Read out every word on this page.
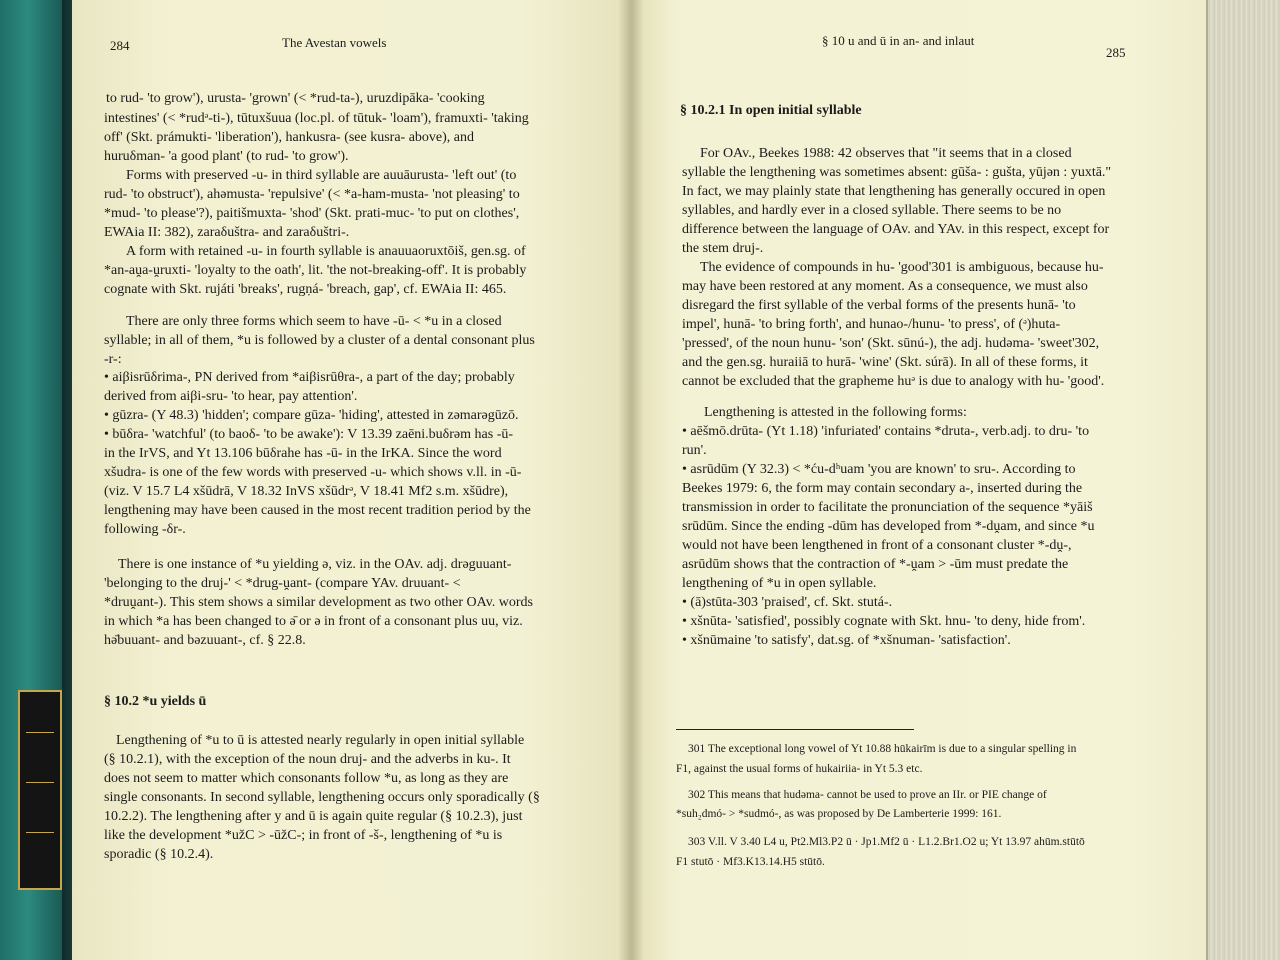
284	The Avestan vowels
to rud- 'to grow'), urusta- 'grown' (< *rud-ta-), uruzdipāka- 'cooking
intestines' (< *rudᵊ-ti-), tūtuxšuua (loc.pl. of tūtuk- 'loam'), framuxti- 'taking
off' (Skt. prámukti- 'liberation'), hankusra- (see kusra- above), and
huruδman- 'a good plant' (to rud- 'to grow').
Forms with preserved -u- in third syllable are auuāurusta- 'left out' (to
rud- 'to obstruct'), ahəmusta- 'repulsive' (< *a-ham-musta- 'not pleasing' to
*mud- 'to please'?), paitišmuxta- 'shod' (Skt. prati-muc- 'to put on clothes',
EWAia II: 382), zaraδuštra- and zaraδuštri-.
A form with retained -u- in fourth syllable is anauuaoruxtōiš, gen.sg. of
*an-aṷa-ṷruxti- 'loyalty to the oath', lit. 'the not-breaking-off'. It is probably
cognate with Skt. rujáti 'breaks', rugṇá- 'breach, gap', cf. EWAia II: 465.
There are only three forms which seem to have -ū- < *u in a closed
syllable; in all of them, *u is followed by a cluster of a dental consonant plus
-r-:
• aiβisrūδrima-, PN derived from *aiβisrūθra-, a part of the day; probably
derived from aiβi-sru- 'to hear, pay attention'.
• gūzra- (Y 48.3) 'hidden'; compare gūza- 'hiding', attested in zəmarəgūzō.
• būδra- 'watchful' (to baoδ- 'to be awake'): V 13.39 zaēni.buδrəm has -ū-
in the IrVS, and Yt 13.106 būδrahe has -ū- in the IrKA. Since the word
xšudra- is one of the few words with preserved -u- which shows v.ll. in -ū-
(viz. V 15.7 L4 xšūdrā, V 18.32 InVS xšūdrᵊ, V 18.41 Mf2 s.m. xšūdre),
lengthening may have been caused in the most recent tradition period by the
following -δr-.
There is one instance of *u yielding ə, viz. in the OAv. adj. drəguuant-
'belonging to the druj-' < *drug-ṷant- (compare YAv. druuant- <
*druṷant-). This stem shows a similar development as two other OAv. words
in which *a has been changed to ə̄ or ə in front of a consonant plus uu, viz.
hə̄buuant- and bəzuuant-, cf. § 22.8.
§ 10.2 *u yields ū
Lengthening of *u to ū is attested nearly regularly in open initial syllable
(§ 10.2.1), with the exception of the noun druj- and the adverbs in ku-. It
does not seem to matter which consonants follow *u, as long as they are
single consonants. In second syllable, lengthening occurs only sporadically (§
10.2.2). The lengthening after y and ū is again quite regular (§ 10.2.3), just
like the development *užC > -ūžC-; in front of -š-, lengthening of *u is
sporadic (§ 10.2.4).
§ 10 u and ū in an- and inlaut
285
§ 10.2.1 In open initial syllable
For OAv., Beekes 1988: 42 observes that "it seems that in a closed
syllable the lengthening was sometimes absent: gūšа- : gušta, yūjən : yuxtā."
In fact, we may plainly state that lengthening has generally occured in open
syllables, and hardly ever in a closed syllable. There seems to be no
difference between the language of OAv. and YAv. in this respect, except for
the stem druj-.
The evidence of compounds in hu- 'good'301 is ambiguous, because hu-
may have been restored at any moment. As a consequence, we must also
disregard the first syllable of the verbal forms of the presents hunā- 'to
impel', hunā- 'to bring forth', and hunao-/hunu- 'to press', of (ᵊ)huta-
'pressed', of the noun hunu- 'son' (Skt. sūnú-), the adj. hudəma- 'sweet'302,
and the gen.sg. huraiiā to hurā- 'wine' (Skt. súrā). In all of these forms, it
cannot be excluded that the grapheme huᵊ is due to analogy with hu- 'good'.
Lengthening is attested in the following forms:
• aēšmō.drūta- (Yt 1.18) 'infuriated' contains *druta-, verb.adj. to dru- 'to
run'.
• asrūdūm (Y 32.3) < *ću-dʰuam 'you are known' to sru-. According to
Beekes 1979: 6, the form may contain secondary a-, inserted during the
transmission in order to facilitate the pronunciation of the sequence *yāiš
srūdūm. Since the ending -dūm has developed from *-dṷam, and since *u
would not have been lengthened in front of a consonant cluster *-dṷ-,
asrūdūm shows that the contraction of *-ṷam > -ūm must predate the
lengthening of *u in open syllable.
• (ā)stūta-303 'praised', cf. Skt. stutá-.
• xšnūta- 'satisfied', possibly cognate with Skt. hnu- 'to deny, hide from'.
• xšnūmaine 'to satisfy', dat.sg. of *xšnuman- 'satisfaction'.
301 The exceptional long vowel of Yt 10.88 hūkairīm is due to a singular spelling in
F1, against the usual forms of hukairiia- in Yt 5.3 etc.
302 This means that hudəma- cannot be used to prove an IIr. or PIE change of
*suh₂dmó- > *sudmó-, as was proposed by De Lamberterie 1999: 161.
303 V.ll. V 3.40 L4 u, Pt2.Ml3.P2 ū · Jp1.Mf2 ū · L1.2.Br1.O2 u; Yt 13.97 ahūm.stūtō
F1 stutō · Mf3.K13.14.H5 stūtō.
